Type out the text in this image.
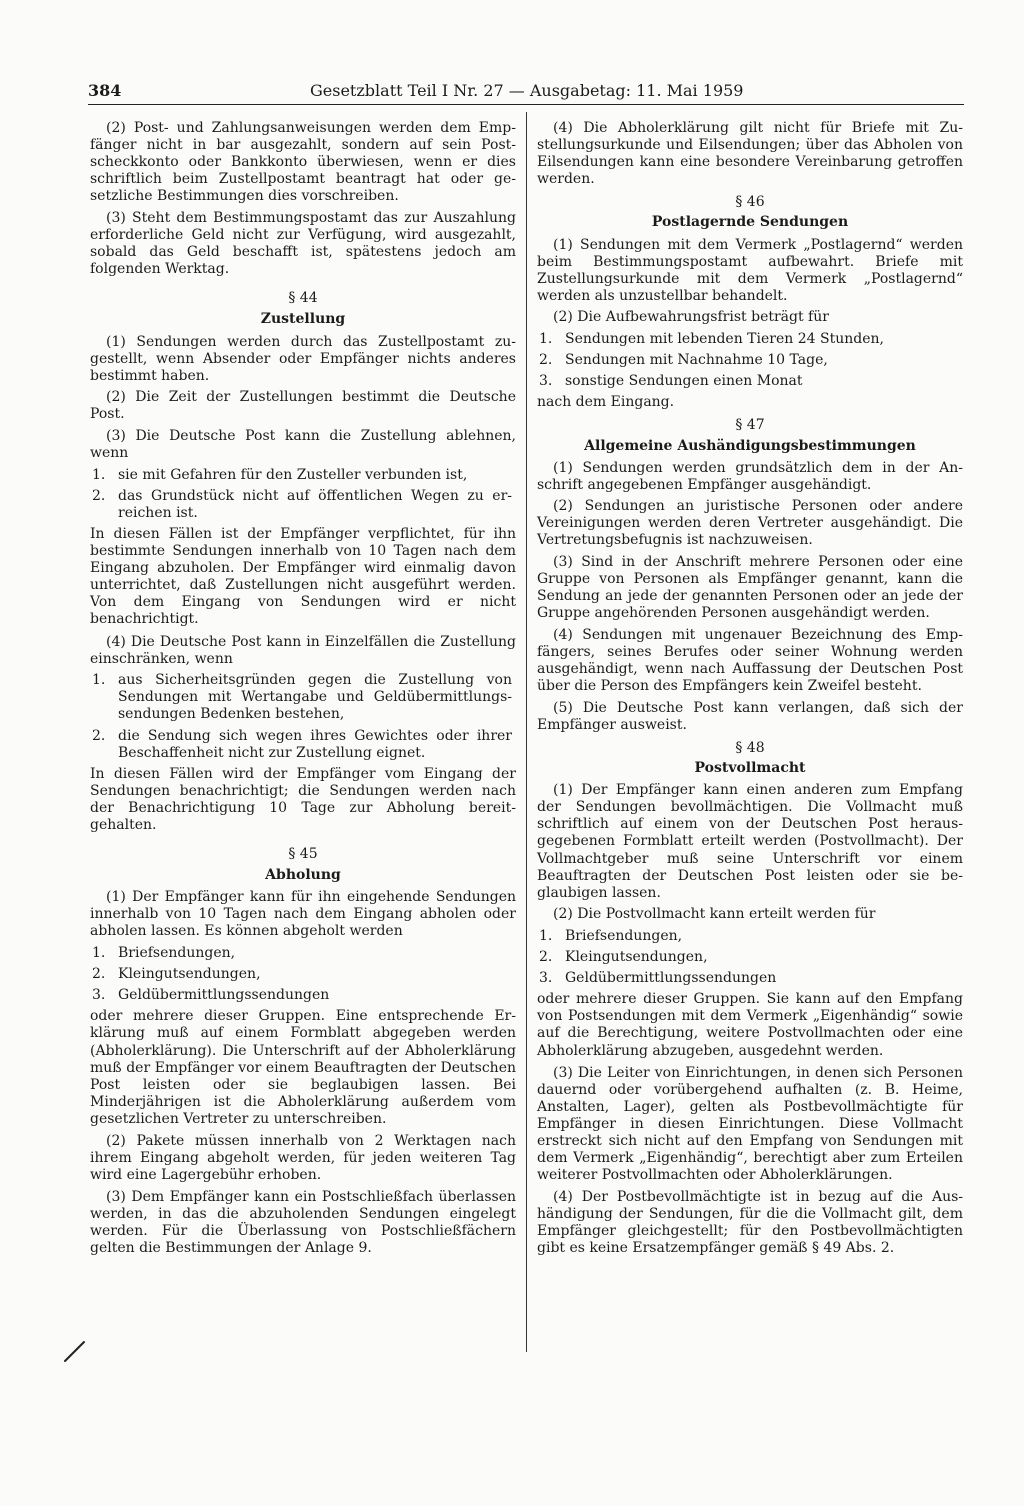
384	Gesetzblatt Teil I Nr. 27 — Ausgabetag: 11. Mai 1959

(2) Post- und Zahlungsanweisungen werden dem Empfänger nicht in bar ausgezahlt, sondern auf sein Postscheckkonto oder Bankkonto überwiesen, wenn er dies schriftlich beim Zustellpostamt beantragt hat oder gesetzliche Bestimmungen dies vorschreiben.

(3) Steht dem Bestimmungspostamt das zur Auszahlung erforderliche Geld nicht zur Verfügung, wird ausgezahlt, sobald das Geld beschafft ist, spätestens jedoch am folgenden Werktag.

§ 44
Zustellung

(1) Sendungen werden durch das Zustellpostamt zugestellt, wenn Absender oder Empfänger nichts anderes bestimmt haben.

(2) Die Zeit der Zustellungen bestimmt die Deutsche Post.

(3) Die Deutsche Post kann die Zustellung ablehnen, wenn

1. sie mit Gefahren für den Zusteller verbunden ist,
2. das Grundstück nicht auf öffentlichen Wegen zu erreichen ist.

In diesen Fällen ist der Empfänger verpflichtet, für ihn bestimmte Sendungen innerhalb von 10 Tagen nach dem Eingang abzuholen. Der Empfänger wird einmalig davon unterrichtet, daß Zustellungen nicht ausgeführt werden. Von dem Eingang von Sendungen wird er nicht benachrichtigt.

(4) Die Deutsche Post kann in Einzelfällen die Zustellung einschränken, wenn

1. aus Sicherheitsgründen gegen die Zustellung von Sendungen mit Wertangabe und Geldübermittlungssendungen Bedenken bestehen,
2. die Sendung sich wegen ihres Gewichtes oder ihrer Beschaffenheit nicht zur Zustellung eignet.

In diesen Fällen wird der Empfänger vom Eingang der Sendungen benachrichtigt; die Sendungen werden nach der Benachrichtigung 10 Tage zur Abholung bereitgehalten.

§ 45
Abholung

(1) Der Empfänger kann für ihn eingehende Sendungen innerhalb von 10 Tagen nach dem Eingang abholen oder abholen lassen. Es können abgeholt werden

1. Briefsendungen,
2. Kleingutsendungen,
3. Geldübermittlungssendungen

oder mehrere dieser Gruppen. Eine entsprechende Erklärung muß auf einem Formblatt abgegeben werden (Abholerklärung). Die Unterschrift auf der Abholerklärung muß der Empfänger vor einem Beauftragten der Deutschen Post leisten oder sie beglaubigen lassen. Bei Minderjährigen ist die Abholerklärung außerdem vom gesetzlichen Vertreter zu unterschreiben.

(2) Pakete müssen innerhalb von 2 Werktagen nach ihrem Eingang abgeholt werden, für jeden weiteren Tag wird eine Lagergebühr erhoben.

(3) Dem Empfänger kann ein Postschließfach überlassen werden, in das die abzuholenden Sendungen eingelegt werden. Für die Überlassung von Postschließfächern gelten die Bestimmungen der Anlage 9.

(4) Die Abholerklärung gilt nicht für Briefe mit Zustellungsurkunde und Eilsendungen; über das Abholen von Eilsendungen kann eine besondere Vereinbarung getroffen werden.

§ 46
Postlagernde Sendungen

(1) Sendungen mit dem Vermerk „Postlagernd“ werden beim Bestimmungspostamt aufbewahrt. Briefe mit Zustellungsurkunde mit dem Vermerk „Postlagernd“ werden als unzustellbar behandelt.

(2) Die Aufbewahrungsfrist beträgt für

1. Sendungen mit lebenden Tieren 24 Stunden,
2. Sendungen mit Nachnahme 10 Tage,
3. sonstige Sendungen einen Monat

nach dem Eingang.

§ 47
Allgemeine Aushändigungsbestimmungen

(1) Sendungen werden grundsätzlich dem in der Anschrift angegebenen Empfänger ausgehändigt.

(2) Sendungen an juristische Personen oder andere Vereinigungen werden deren Vertreter ausgehändigt. Die Vertretungsbefugnis ist nachzuweisen.

(3) Sind in der Anschrift mehrere Personen oder eine Gruppe von Personen als Empfänger genannt, kann die Sendung an jede der genannten Personen oder an jede der Gruppe angehörenden Personen ausgehändigt werden.

(4) Sendungen mit ungenauer Bezeichnung des Empfängers, seines Berufes oder seiner Wohnung werden ausgehändigt, wenn nach Auffassung der Deutschen Post über die Person des Empfängers kein Zweifel besteht.

(5) Die Deutsche Post kann verlangen, daß sich der Empfänger ausweist.

§ 48
Postvollmacht

(1) Der Empfänger kann einen anderen zum Empfang der Sendungen bevollmächtigen. Die Vollmacht muß schriftlich auf einem von der Deutschen Post herausgegebenen Formblatt erteilt werden (Postvollmacht). Der Vollmachtgeber muß seine Unterschrift vor einem Beauftragten der Deutschen Post leisten oder sie beglaubigen lassen.

(2) Die Postvollmacht kann erteilt werden für

1. Briefsendungen,
2. Kleingutsendungen,
3. Geldübermittlungssendungen

oder mehrere dieser Gruppen. Sie kann auf den Empfang von Postsendungen mit dem Vermerk „Eigenhändig“ sowie auf die Berechtigung, weitere Postvollmachten oder eine Abholerklärung abzugeben, ausgedehnt werden.

(3) Die Leiter von Einrichtungen, in denen sich Personen dauernd oder vorübergehend aufhalten (z. B. Heime, Anstalten, Lager), gelten als Postbevollmächtigte für Empfänger in diesen Einrichtungen. Diese Vollmacht erstreckt sich nicht auf den Empfang von Sendungen mit dem Vermerk „Eigenhändig“, berechtigt aber zum Erteilen weiterer Postvollmachten oder Abholerklärungen.

(4) Der Postbevollmächtigte ist in bezug auf die Aushändigung der Sendungen, für die die Vollmacht gilt, dem Empfänger gleichgestellt; für den Postbevollmächtigten gibt es keine Ersatzempfänger gemäß § 49 Abs. 2.
